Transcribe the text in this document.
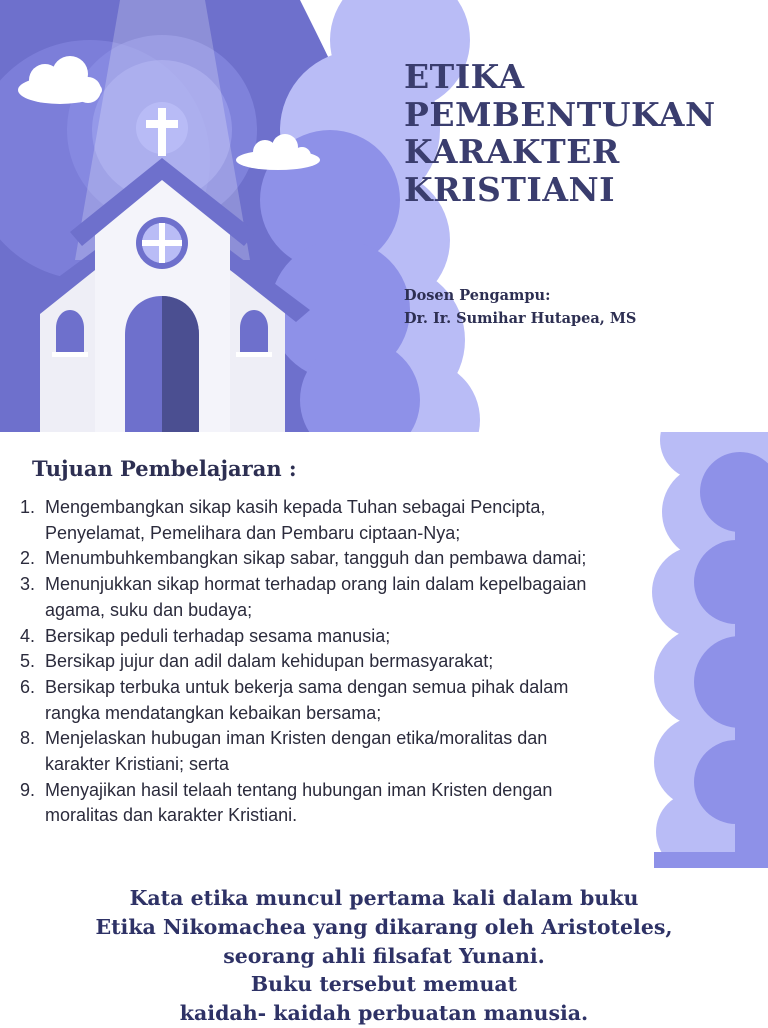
ETIKA
PEMBENTUKAN
KARAKTER
KRISTIANI
Dosen Pengampu:
Dr. Ir. Sumihar Hutapea, MS
Tujuan Pembelajaran :
1. Mengembangkan sikap kasih kepada Tuhan sebagai Pencipta,
Penyelamat, Pemelihara dan Pembaru ciptaan-Nya;
2. Menumbuhkembangkan sikap sabar, tangguh dan pembawa damai;
3. Menunjukkan sikap hormat terhadap orang lain dalam kepelbagaian
agama, suku dan budaya;
4. Bersikap peduli terhadap sesama manusia;
5. Bersikap jujur dan adil dalam kehidupan bermasyarakat;
6. Bersikap terbuka untuk bekerja sama dengan semua pihak dalam
rangka mendatangkan kebaikan bersama;
8. Menjelaskan hubugan iman Kristen dengan etika/moralitas dan
karakter Kristiani; serta
9. Menyajikan hasil telaah tentang hubungan iman Kristen dengan
moralitas dan karakter Kristiani.
Kata etika muncul pertama kali dalam buku
Etika Nikomachea yang dikarang oleh Aristoteles,
seorang ahli filsafat Yunani.
Buku tersebut memuat
kaidah- kaidah perbuatan manusia.
